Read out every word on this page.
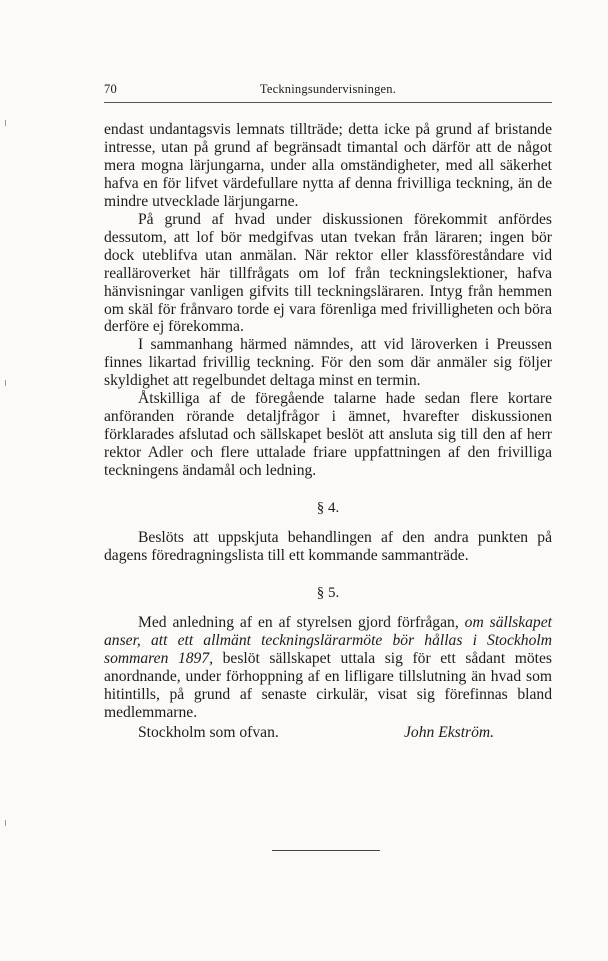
70	Teckningsundervisningen.

endast undantagsvis lemnats tillträde; detta icke på grund af bristande intresse, utan på grund af begränsadt timantal och därför att de något mera mogna lärjungarna, under alla omständigheter, med all säkerhet hafva en för lifvet värdefullare nytta af denna frivilliga teckning, än de mindre utvecklade lärjungarne.

På grund af hvad under diskussionen förekommit anfördes dessutom, att lof bör medgifvas utan tvekan från läraren; ingen bör dock uteblifva utan anmälan. När rektor eller klassföreståndare vid realläroverket här tillfrågats om lof från teckningslektioner, hafva hänvisningar vanligen gifvits till teckningsläraren. Intyg från hemmen om skäl för frånvaro torde ej vara förenliga med frivilligheten och böra derföre ej förekomma.

I sammanhang härmed nämndes, att vid läroverken i Preussen finnes likartad frivillig teckning. För den som där anmäler sig följer skyldighet att regelbundet deltaga minst en termin.

Åtskilliga af de föregående talarne hade sedan flere kortare anföranden rörande detaljfrågor i ämnet, hvarefter diskussionen förklarades afslutad och sällskapet beslöt att ansluta sig till den af herr rektor Adler och flere uttalade friare uppfattningen af den frivilliga teckningens ändamål och ledning.

§ 4.

Beslöts att uppskjuta behandlingen af den andra punkten på dagens föredragningslista till ett kommande sammanträde.

§ 5.

Med anledning af en af styrelsen gjord förfrågan, om sällskapet anser, att ett allmänt teckningslärarmöte bör hållas i Stockholm sommaren 1897, beslöt sällskapet uttala sig för ett sådant mötes anordnande, under förhoppning af en lifligare tillslutning än hvad som hitintills, på grund af senaste cirkulär, visat sig förefinnas bland medlemmarne.

Stockholm som ofvan.	John Ekström.
